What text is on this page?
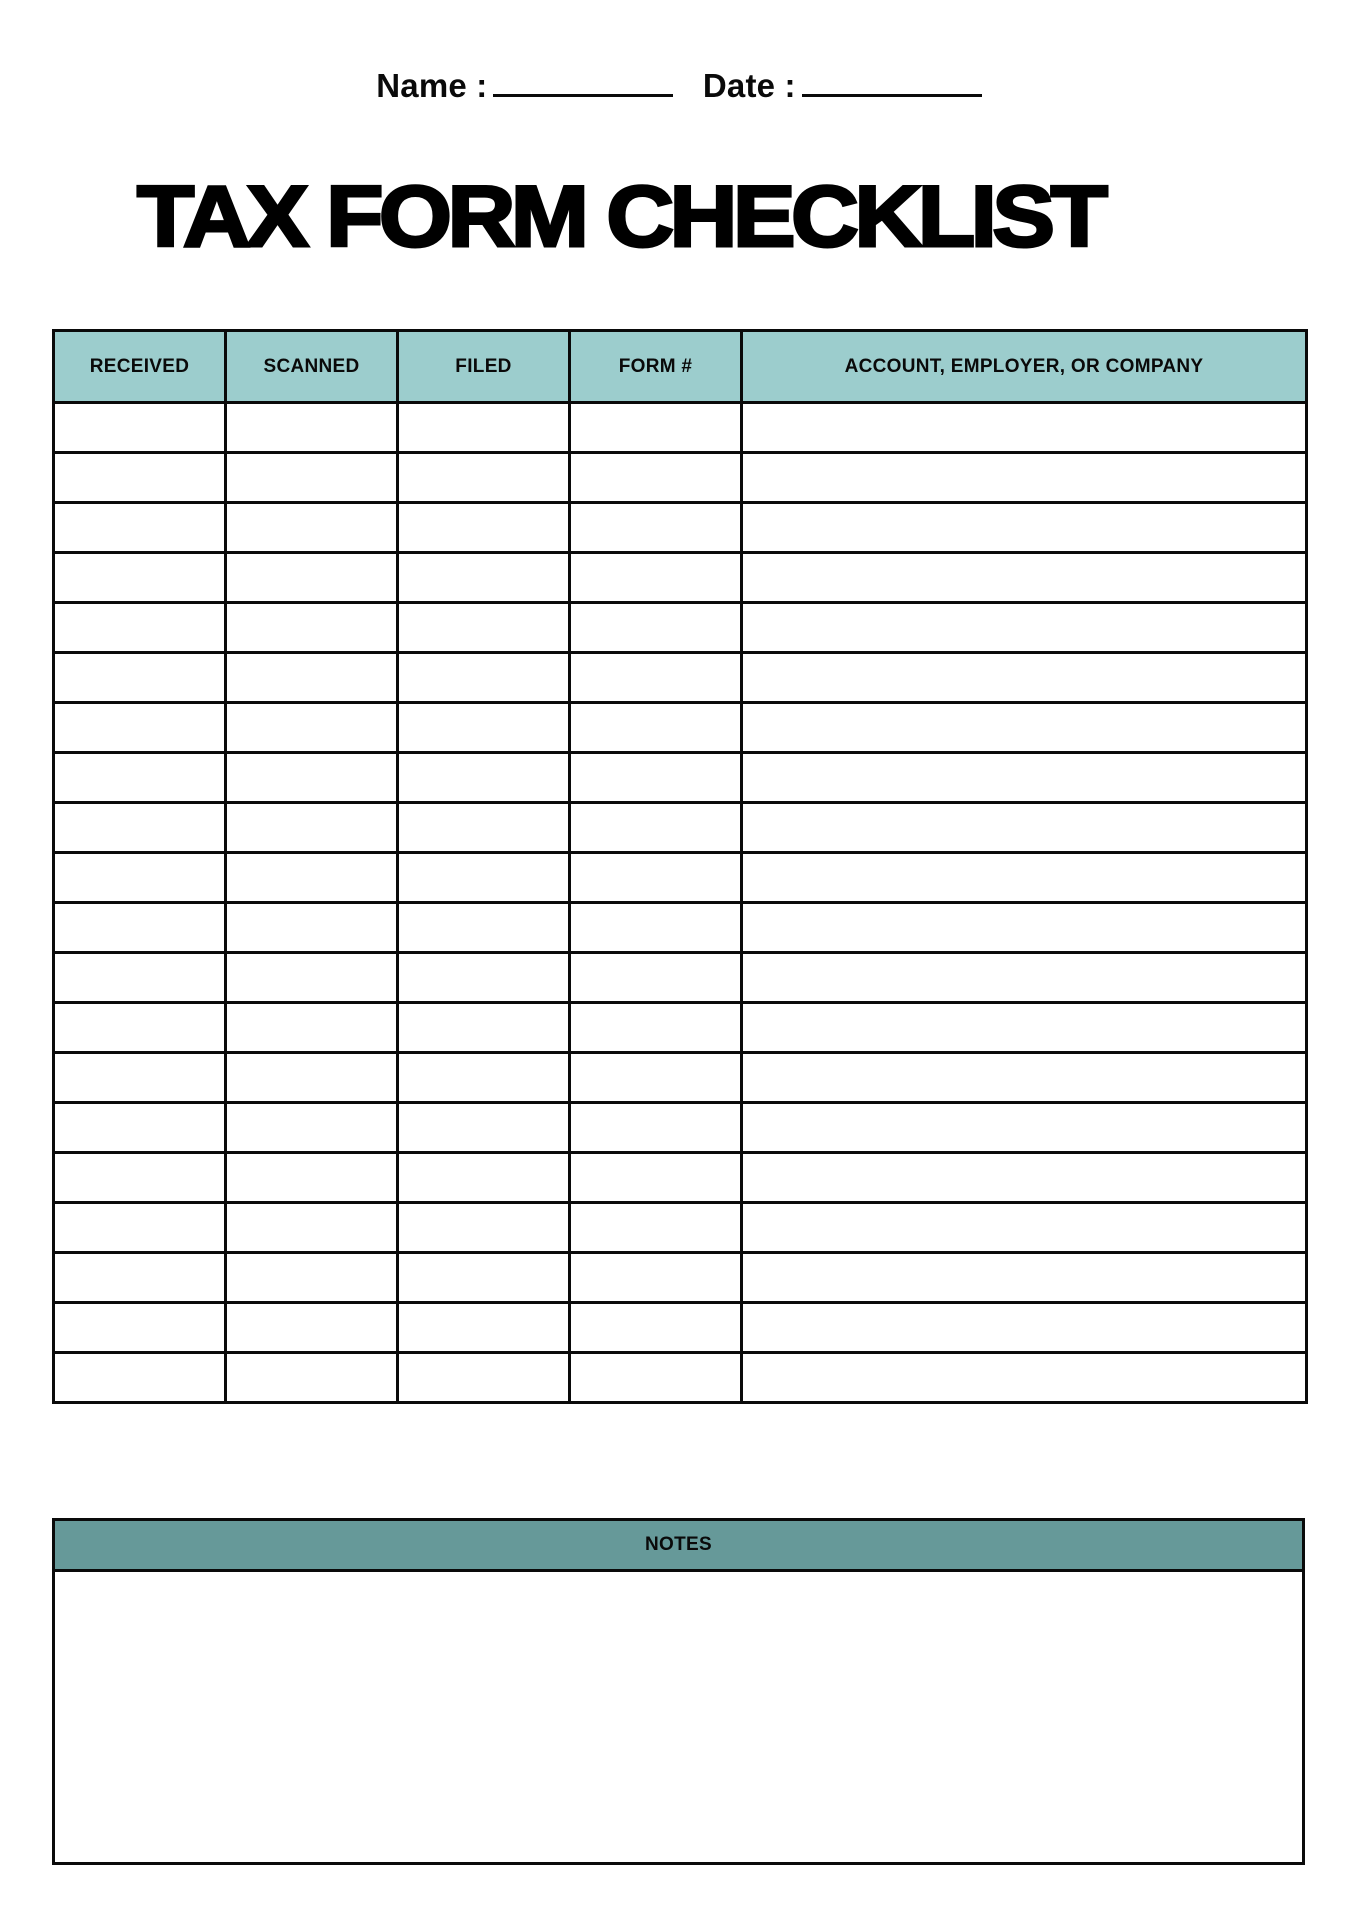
Name :	Date :
TAX FORM CHECKLIST
RECEIVED	SCANNED	FILED	FORM #	ACCOUNT, EMPLOYER, OR COMPANY

NOTES
